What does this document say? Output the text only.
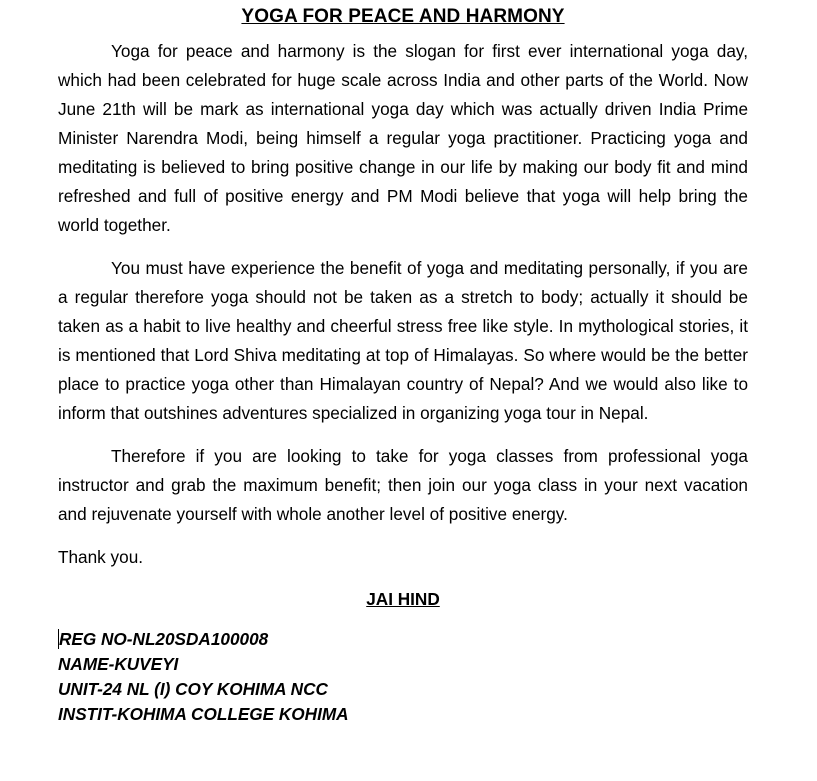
YOGA FOR PEACE AND HARMONY

Yoga for peace and harmony is the slogan for first ever international yoga day, which had been celebrated for huge scale across India and other parts of the World. Now June 21th will be mark as international yoga day which was actually driven India Prime Minister Narendra Modi, being himself a regular yoga practitioner. Practicing yoga and meditating is believed to bring positive change in our life by making our body fit and mind refreshed and full of positive energy and PM Modi believe that yoga will help bring the world together.

You must have experience the benefit of yoga and meditating personally, if you are a regular therefore yoga should not be taken as a stretch to body; actually it should be taken as a habit to live healthy and cheerful stress free like style. In mythological stories, it is mentioned that Lord Shiva meditating at top of Himalayas. So where would be the better place to practice yoga other than Himalayan country of Nepal? And we would also like to inform that outshines adventures specialized in organizing yoga tour in Nepal.

Therefore if you are looking to take for yoga classes from professional yoga instructor and grab the maximum benefit; then join our yoga class in your next vacation and rejuvenate yourself with whole another level of positive energy.

Thank you.
JAI HIND
REG NO-NL20SDA100008
NAME-KUVEYI
UNIT-24 NL (I) COY KOHIMA NCC
INSTIT-KOHIMA COLLEGE KOHIMA
